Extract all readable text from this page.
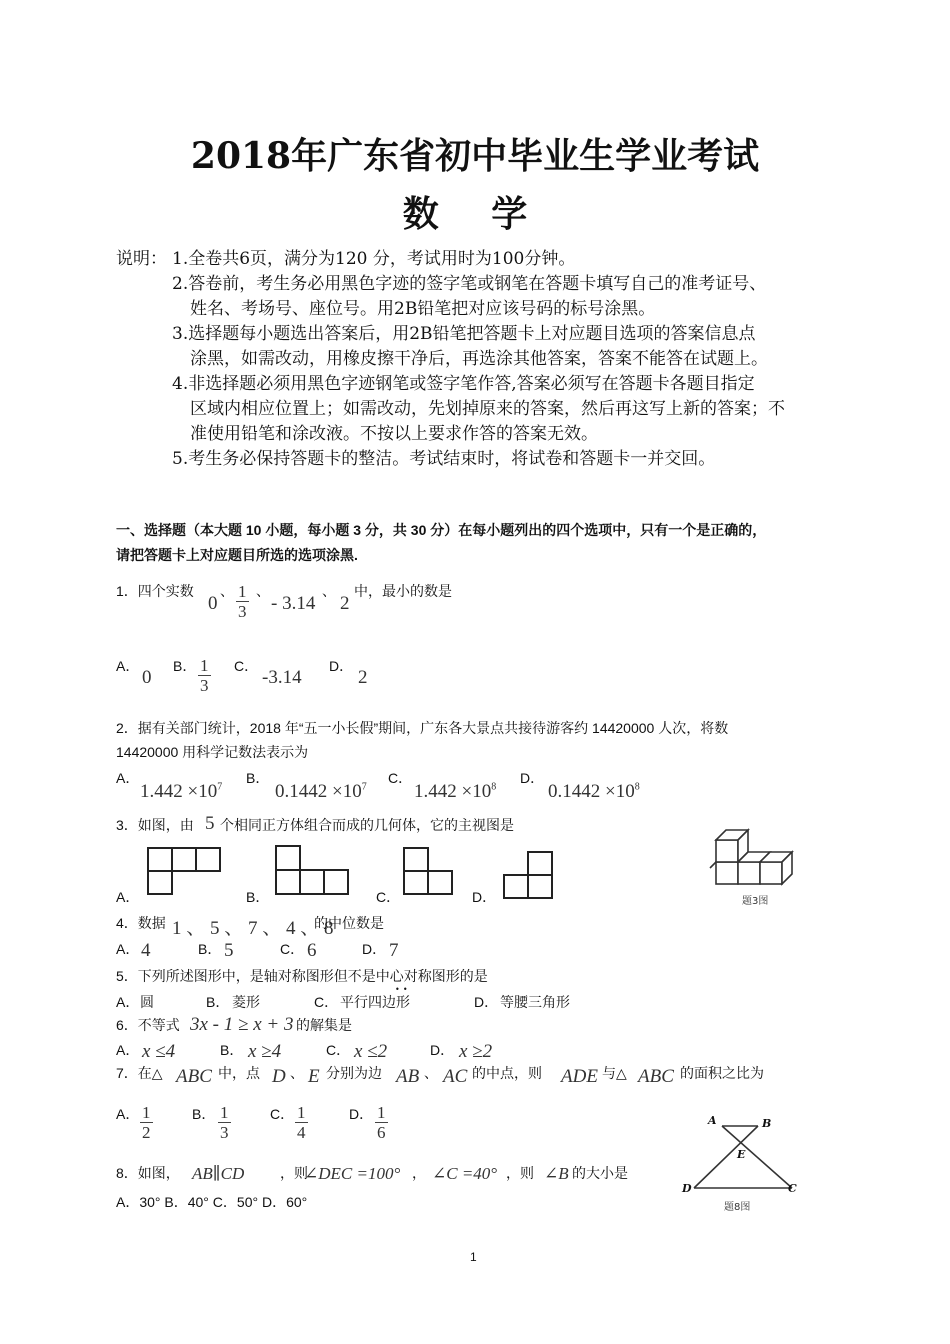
2018年广东省初中毕业生学业考试
数 学
说明： 1.全卷共6页，满分为120 分，考试用时为100分钟。
2.答卷前，考生务必用黑色字迹的签字笔或钢笔在答题卡填写自己的准考证号、
姓名、考场号、座位号。用2B铅笔把对应该号码的标号涂黑。
3.选择题每小题选出答案后，用2B铅笔把答题卡上对应题目选项的答案信息点
涂黑，如需改动，用橡皮擦干净后，再选涂其他答案，答案不能答在试题上。
4.非选择题必须用黑色字迹钢笔或签字笔作答,答案必须写在答题卡各题目指定
区域内相应位置上；如需改动，先划掉原来的答案，然后再这写上新的答案；不
准使用铅笔和涂改液。不按以上要求作答的答案无效。
5.考生务必保持答题卡的整洁。考试结束时，将试卷和答题卡一并交回。
一、选择题（本大题 10 小题，每小题 3 分，共 30 分）在每小题列出的四个选项中，只有一个是正确的，
请把答题卡上对应题目所选的选项涂黑.
1．四个实数
0
、 $\frac{1}{3}$ 、
- 3.14
、
2
中，最小的数是
A．
0
B． $\frac{1}{3}$ C．
-3.14
D．
2
2．据有关部门统计，2018 年“五一小长假”期间，广东各大景点共接待游客约 14420000 人次，将数
14420000 用科学记数法表示为
A．
$1.442 \times 10^7$
B．
$0.1442 \times 10^7$
C．
$1.442 \times 10^8$
D．
$0.1442 \times 10^8$
3．如图，由 5 个相同正方体组合而成的几何体，它的主视图是
A．	B．	C．	D．	题3图
4．数据 1 、 5 、 7 、 4 、 8
的中位数是
A． 4	B． 5	C． 6	D． 7
5．下列所述图形中，是轴对称图形但不是中心对称图形的是
•  •
A． 圆	B． 菱形	C． 平行四边形	D． 等腰三角形
6．不等式 3x - 1 ≥ x + 3 的解集是
A． x ≤4	B． x ≥4	C． x ≤2	D． x ≥2
7．在△ ABC 中，点 D 、 E 分别为边 AB 、 AC 的中点，则 ADE 与△ ABC 的面积之比为
A． $\frac{1}{2}$	B． $\frac{1}{3}$	C． $\frac{1}{4}$	D． $\frac{1}{6}$
8．如图， AB∥CD	，则
∠DEC =100° ， ∠C =40° ，则 ∠B 的大小是
A．30° B．40° C．50° D．60°
A	B
E
D	C
题8图
1
